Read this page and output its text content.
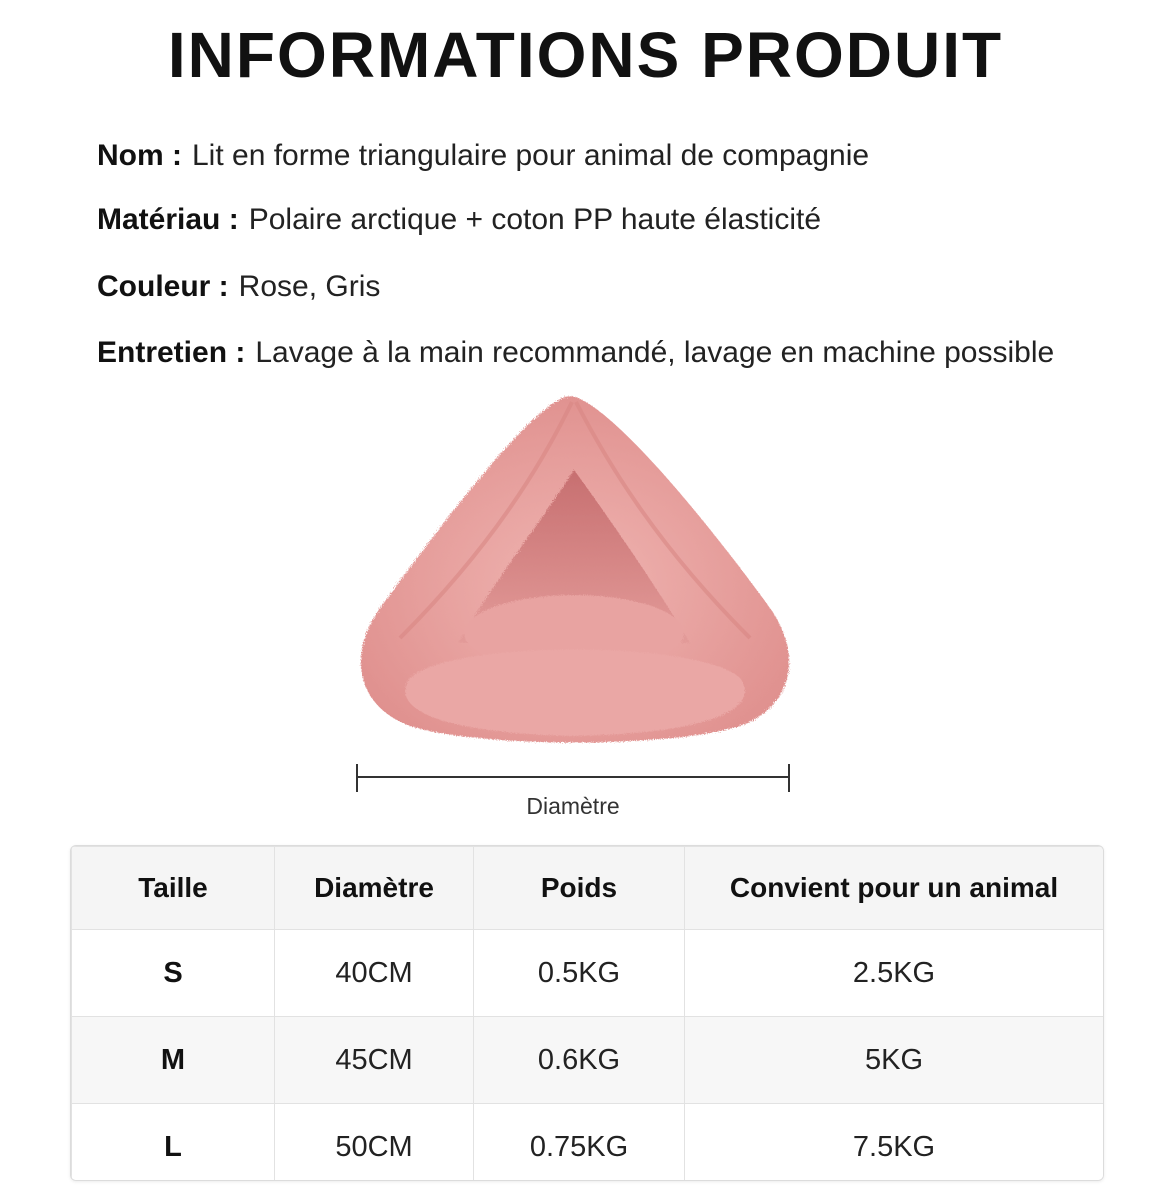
INFORMATIONS PRODUIT
Nom : Lit en forme triangulaire pour animal de compagnie
Matériau : Polaire arctique + coton PP haute élasticité
Couleur : Rose, Gris
Entretien : Lavage à la main recommandé, lavage en machine possible
Diamètre
Taille	Diamètre	Poids	Convient pour un animal
S	40CM	0.5KG	2.5KG
M	45CM	0.6KG	5KG
L	50CM	0.75KG	7.5KG
